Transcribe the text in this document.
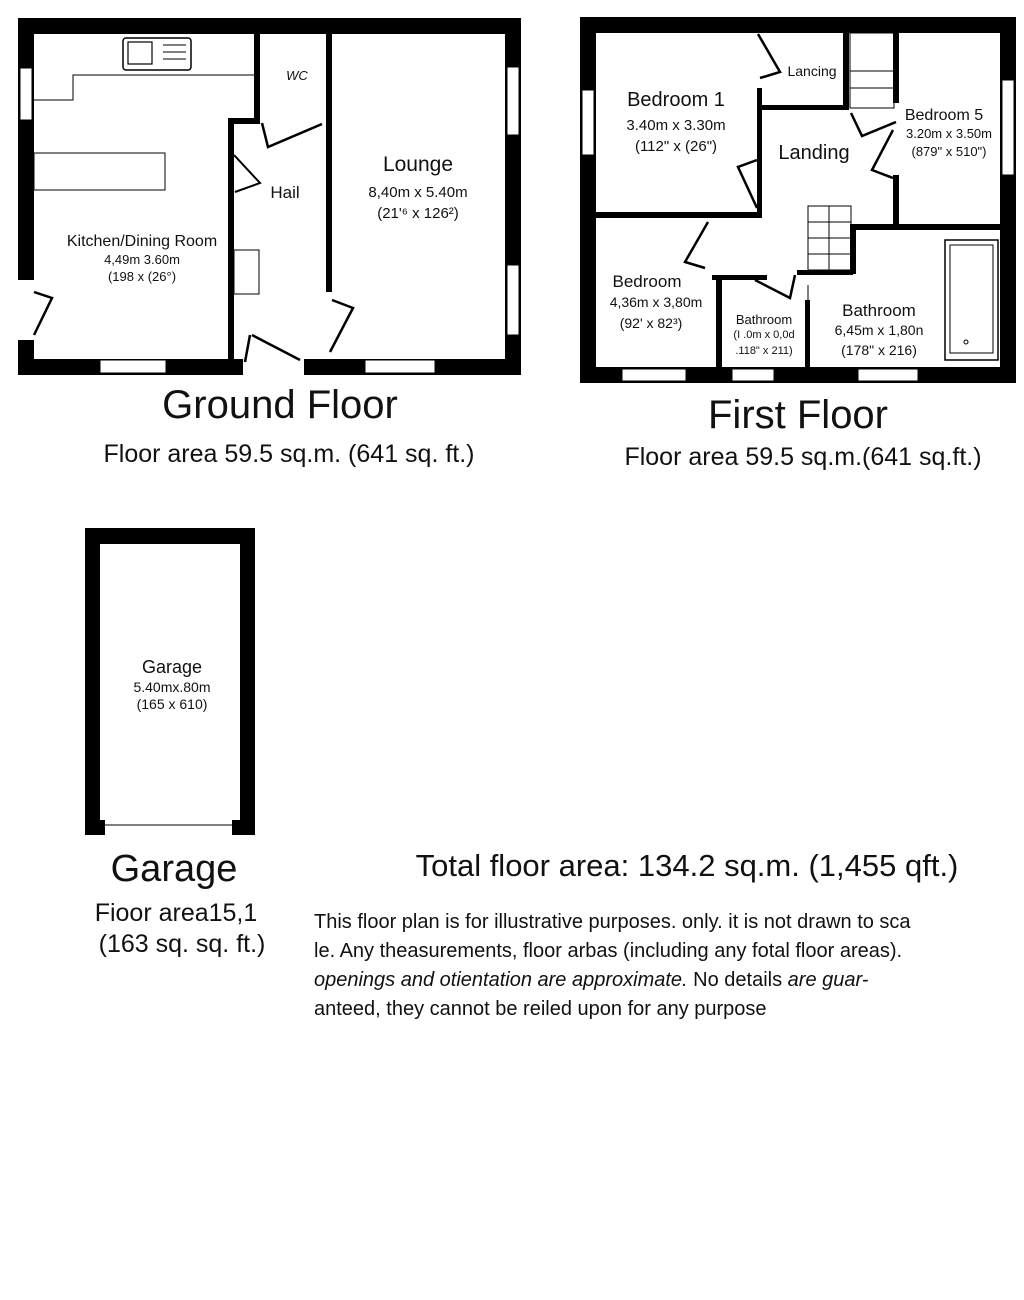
WC
Hail
Kitchen/Dining Room
4,49m 3.60m
(198 x (26°)
Lounge
8,40m x 5.40m
(21'⁶ x 126²)
Ground Floor
Floor area 59.5 sq.m. (641 sq. ft.)
Lancing
Landing
Bedroom 1
3.40m x 3.30m
(112" x (26")
Bedroom 5
3.20m x 3.50m
(879" x 510")
Bedroom
4,36m x 3,80m
(92' x 82³)	Bathroom
(I .0m x 0,0d
.118" x 211)
Bathroom
6,45m x 1,80n
(178" x 216)
First Floor
Floor area 59.5 sq.m.(641 sq.ft.)
Garage
5.40mx.80m
(165 x 610)
Garage
Fioor area15,1
(163 sq. sq. ft.)
Total floor area: 134.2 sq.m. (1,455 qft.)
This floor plan is for illustrative purposes. only. it is not drawn to sca
le. Any theasurements, floor arbas (including any fotal floor areas).
openings and otientation are approximate. No details are guar-
anteed, they cannot be reiled upon for any purpose
